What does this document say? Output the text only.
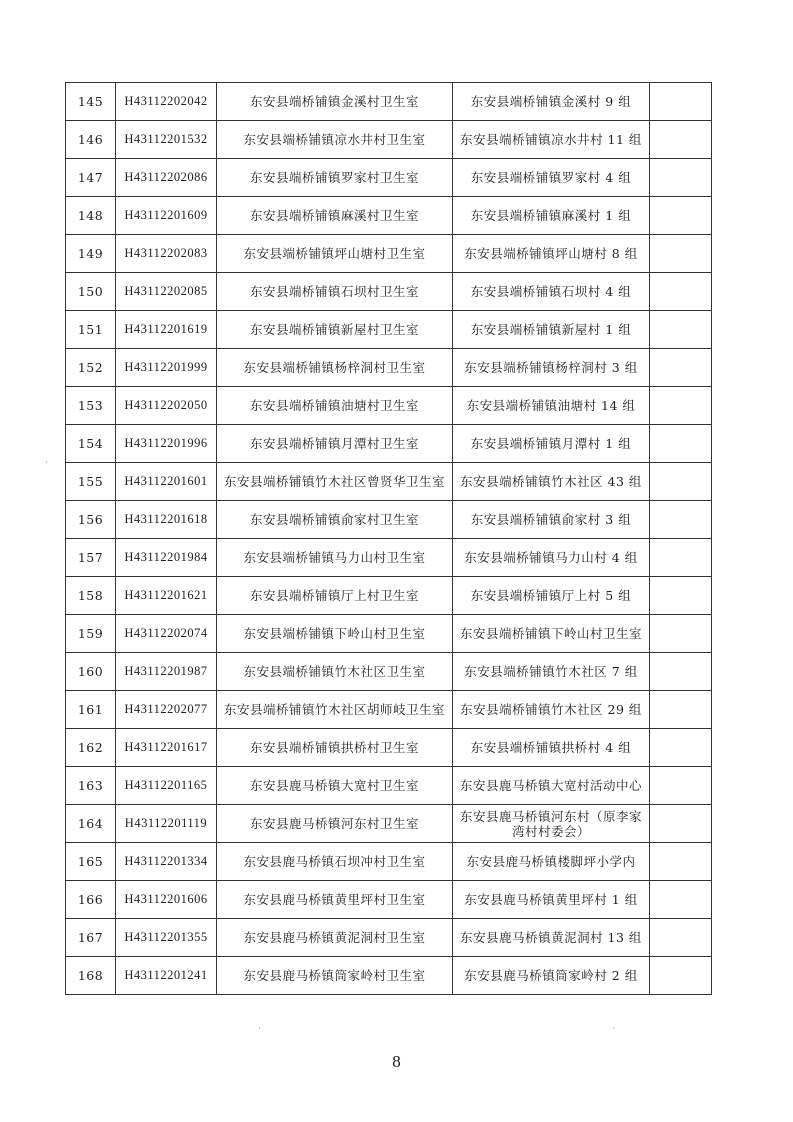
145	H43112202042	东安县端桥铺镇金溪村卫生室	东安县端桥铺镇金溪村 9 组	
146	H43112201532	东安县端桥铺镇凉水井村卫生室	东安县端桥铺镇凉水井村 11 组	
147	H43112202086	东安县端桥铺镇罗家村卫生室	东安县端桥铺镇罗家村 4 组	
148	H43112201609	东安县端桥铺镇麻溪村卫生室	东安县端桥铺镇麻溪村 1 组	
149	H43112202083	东安县端桥铺镇坪山塘村卫生室	东安县端桥铺镇坪山塘村 8 组	
150	H43112202085	东安县端桥铺镇石坝村卫生室	东安县端桥铺镇石坝村 4 组	
151	H43112201619	东安县端桥铺镇新屋村卫生室	东安县端桥铺镇新屋村 1 组	
152	H43112201999	东安县端桥铺镇杨梓洞村卫生室	东安县端桥铺镇杨梓洞村 3 组	
153	H43112202050	东安县端桥铺镇油塘村卫生室	东安县端桥铺镇油塘村 14 组	
154	H43112201996	东安县端桥铺镇月潭村卫生室	东安县端桥铺镇月潭村 1 组	
155	H43112201601	东安县端桥铺镇竹木社区曾贤华卫生室	东安县端桥铺镇竹木社区 43 组	
156	H43112201618	东安县端桥铺镇俞家村卫生室	东安县端桥铺镇俞家村 3 组	
157	H43112201984	东安县端桥铺镇马力山村卫生室	东安县端桥铺镇马力山村 4 组	
158	H43112201621	东安县端桥铺镇厅上村卫生室	东安县端桥铺镇厅上村 5 组	
159	H43112202074	东安县端桥铺镇下岭山村卫生室	东安县端桥铺镇下岭山村卫生室	
160	H43112201987	东安县端桥铺镇竹木社区卫生室	东安县端桥铺镇竹木社区 7 组	
161	H43112202077	东安县端桥铺镇竹木社区胡师岐卫生室	东安县端桥铺镇竹木社区 29 组	
162	H43112201617	东安县端桥铺镇拱桥村卫生室	东安县端桥铺镇拱桥村 4 组	
163	H43112201165	东安县鹿马桥镇大宽村卫生室	东安县鹿马桥镇大宽村活动中心	
164	H43112201119	东安县鹿马桥镇河东村卫生室	东安县鹿马桥镇河东村（原李家湾村村委会）	
165	H43112201334	东安县鹿马桥镇石坝冲村卫生室	东安县鹿马桥镇楼脚坪小学内	
166	H43112201606	东安县鹿马桥镇黄里坪村卫生室	东安县鹿马桥镇黄里坪村 1 组	
167	H43112201355	东安县鹿马桥镇黄泥洞村卫生室	东安县鹿马桥镇黄泥洞村 13 组	
168	H43112201241	东安县鹿马桥镇筒家岭村卫生室	东安县鹿马桥镇筒家岭村 2 组	
8
·	·
·
